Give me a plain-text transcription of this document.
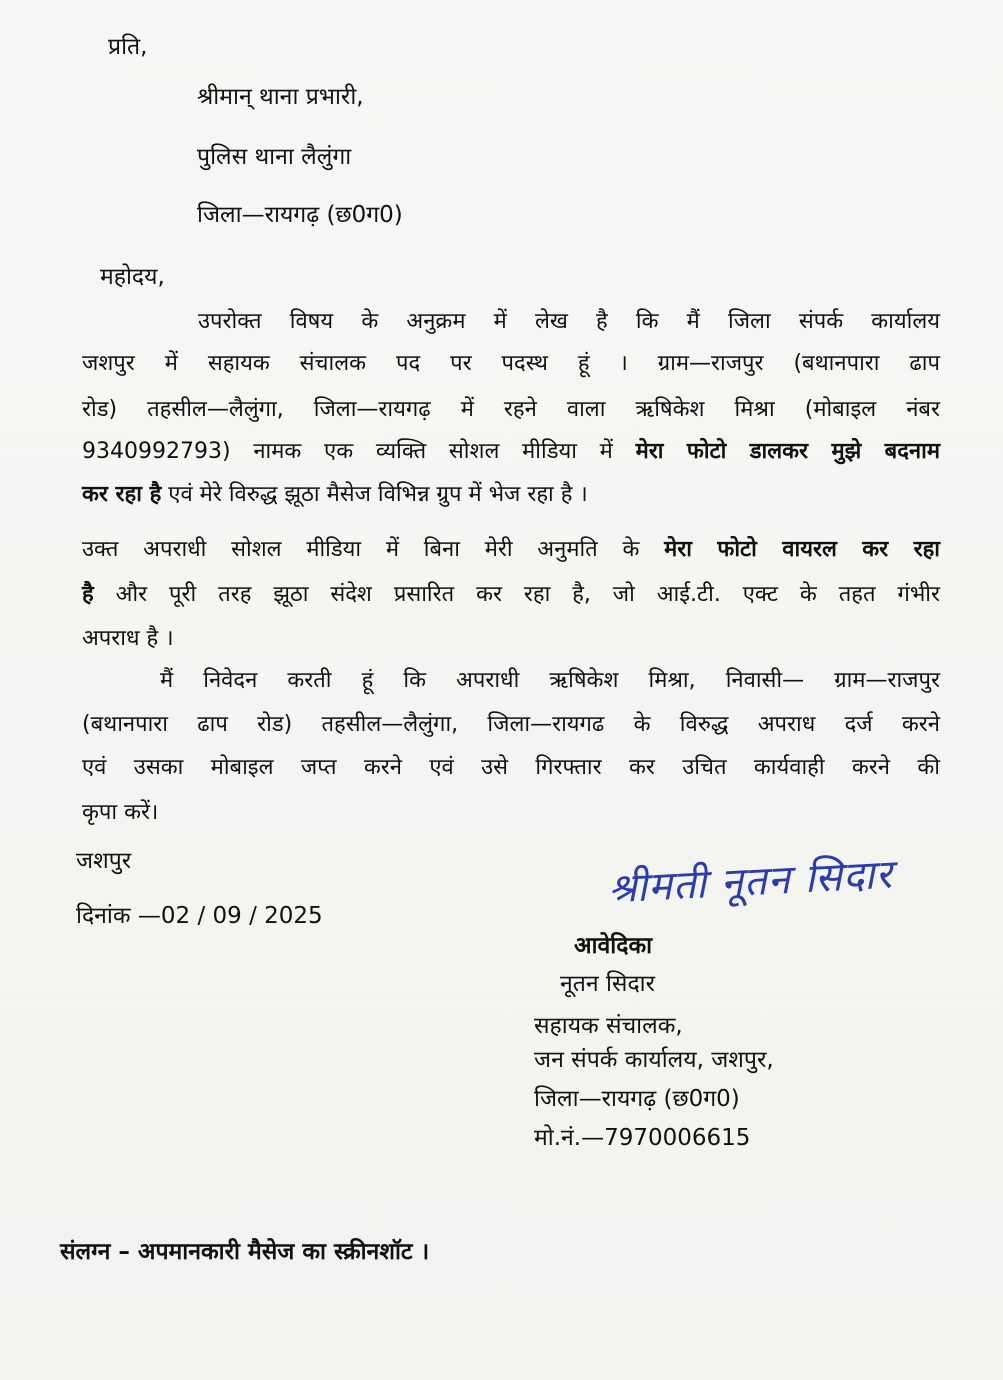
प्रति,
श्रीमान् थाना प्रभारी,
पुलिस थाना लैलुंगा
जिला—रायगढ़ (छ0ग0)
महोदय,
उपरोक्त विषय के अनुक्रम में लेख है कि मैं जिला संपर्क कार्यालय
जशपुर में सहायक संचालक पद पर पदस्थ हूं । ग्राम—राजपुर (बथानपारा ढाप
रोड) तहसील—लैलुंगा, जिला—रायगढ़ में रहने वाला ऋषिकेश मिश्रा (मोबाइल नंबर
9340992793) नामक एक व्यक्ति सोशल मीडिया में मेरा फोटो डालकर मुझे बदनाम
कर रहा है एवं मेरे विरुद्ध झूठा मैसेज विभिन्न ग्रुप में भेज रहा है ।
उक्त अपराधी सोशल मीडिया में बिना मेरी अनुमति के मेरा फोटो वायरल कर रहा
है और पूरी तरह झूठा संदेश प्रसारित कर रहा है, जो आई.टी. एक्ट के तहत गंभीर
अपराध है ।
मैं निवेदन करती हूं कि अपराधी ऋषिकेश मिश्रा, निवासी— ग्राम—राजपुर
(बथानपारा ढाप रोड) तहसील—लैलुंगा, जिला—रायगढ के विरुद्ध अपराध दर्ज करने
एवं उसका मोबाइल जप्त करने एवं उसे गिरफ्तार कर उचित कार्यवाही करने की
कृपा करें।
जशपुर
दिनांक —02 / 09 / 2025
श्रीमती नूतन सिदार
आवेदिका
नूतन सिदार
सहायक संचालक,
जन संपर्क कार्यालय, जशपुर,
जिला—रायगढ़ (छ0ग0)
मो.नं.—7970006615
संलग्न – अपमानकारी मैसेज का स्क्रीनशॉट ।
